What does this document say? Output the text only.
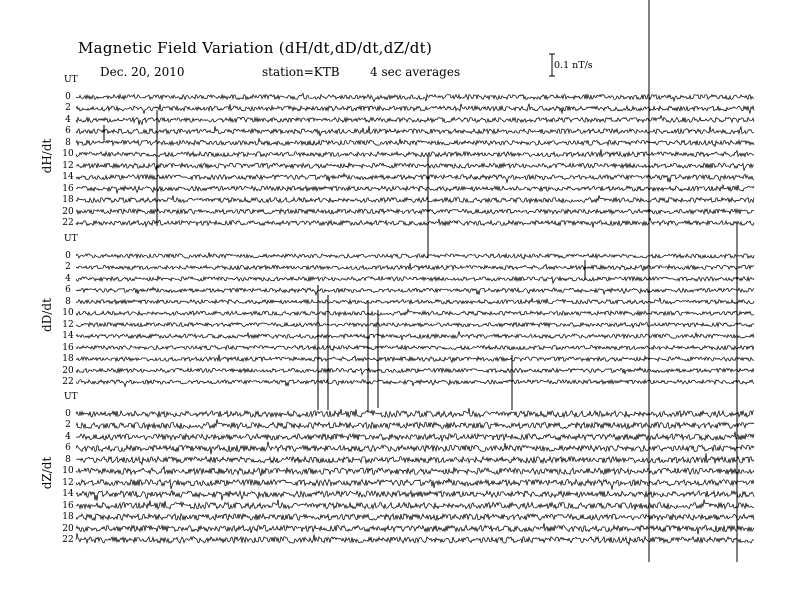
Magnetic Field Variation (dH/dt,dD/dt,dZ/dt)
Dec. 20, 2010	station=KTB	4 sec averages	0.1 nT/s
UT
dH/dt
0
2
4
6
8
10
12
14
16
18
20
22
UT
dD/dt
0
2
4
6
8
10
12
14
16
18
20
22
UT
dZ/dt
0
2
4
6
8
10
12
14
16
18
20
22
